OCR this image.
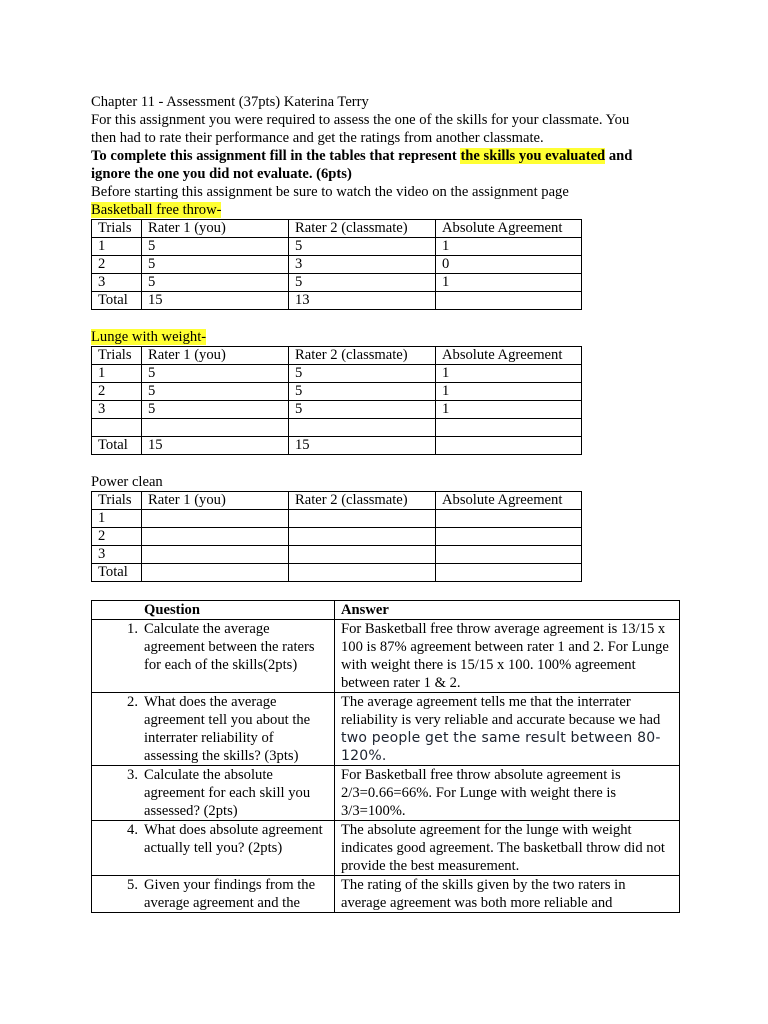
Chapter 11 - Assessment (37pts) Katerina Terry
For this assignment you were required to assess the one of the skills for your classmate. You
then had to rate their performance and get the ratings from another classmate.
To complete this assignment fill in the tables that represent the skills you evaluated and
ignore the one you did not evaluate. (6pts)
Before starting this assignment be sure to watch the video on the assignment page
Basketball free throw-
Trials	Rater 1 (you)	Rater 2 (classmate)	Absolute Agreement
1	5	5	1
2	5	3	0
3	5	5	1
Total	15	13	
Lunge with weight-
Trials	Rater 1 (you)	Rater 2 (classmate)	Absolute Agreement
1	5	5	1
2	5	5	1
3	5	5	1

Total	15	15	
Power clean
Trials	Rater 1 (you)	Rater 2 (classmate)	Absolute Agreement
1			
2			
3			
Total			
Question	Answer

1. Calculate the average agreement between the raters for each of the skills(2pts)	For Basketball free throw average agreement is 13/15 x 100 is 87% agreement between rater 1 and 2. For Lunge with weight there is 15/15 x 100. 100% agreement between rater 1 & 2.

2. What does the average agreement tell you about the interrater reliability of assessing the skills? (3pts)	The average agreement tells me that the interrater reliability is very reliable and accurate because we had two people get the same result between 80-120%.

3. Calculate the absolute agreement for each skill you assessed? (2pts)	For Basketball free throw absolute agreement is 2/3=0.66=66%. For Lunge with weight there is 3/3=100%.

4. What does absolute agreement actually tell you? (2pts)	The absolute agreement for the lunge with weight indicates good agreement. The basketball throw did not provide the best measurement.

5. Given your findings from the average agreement and the	The rating of the skills given by the two raters in average agreement was both more reliable and
